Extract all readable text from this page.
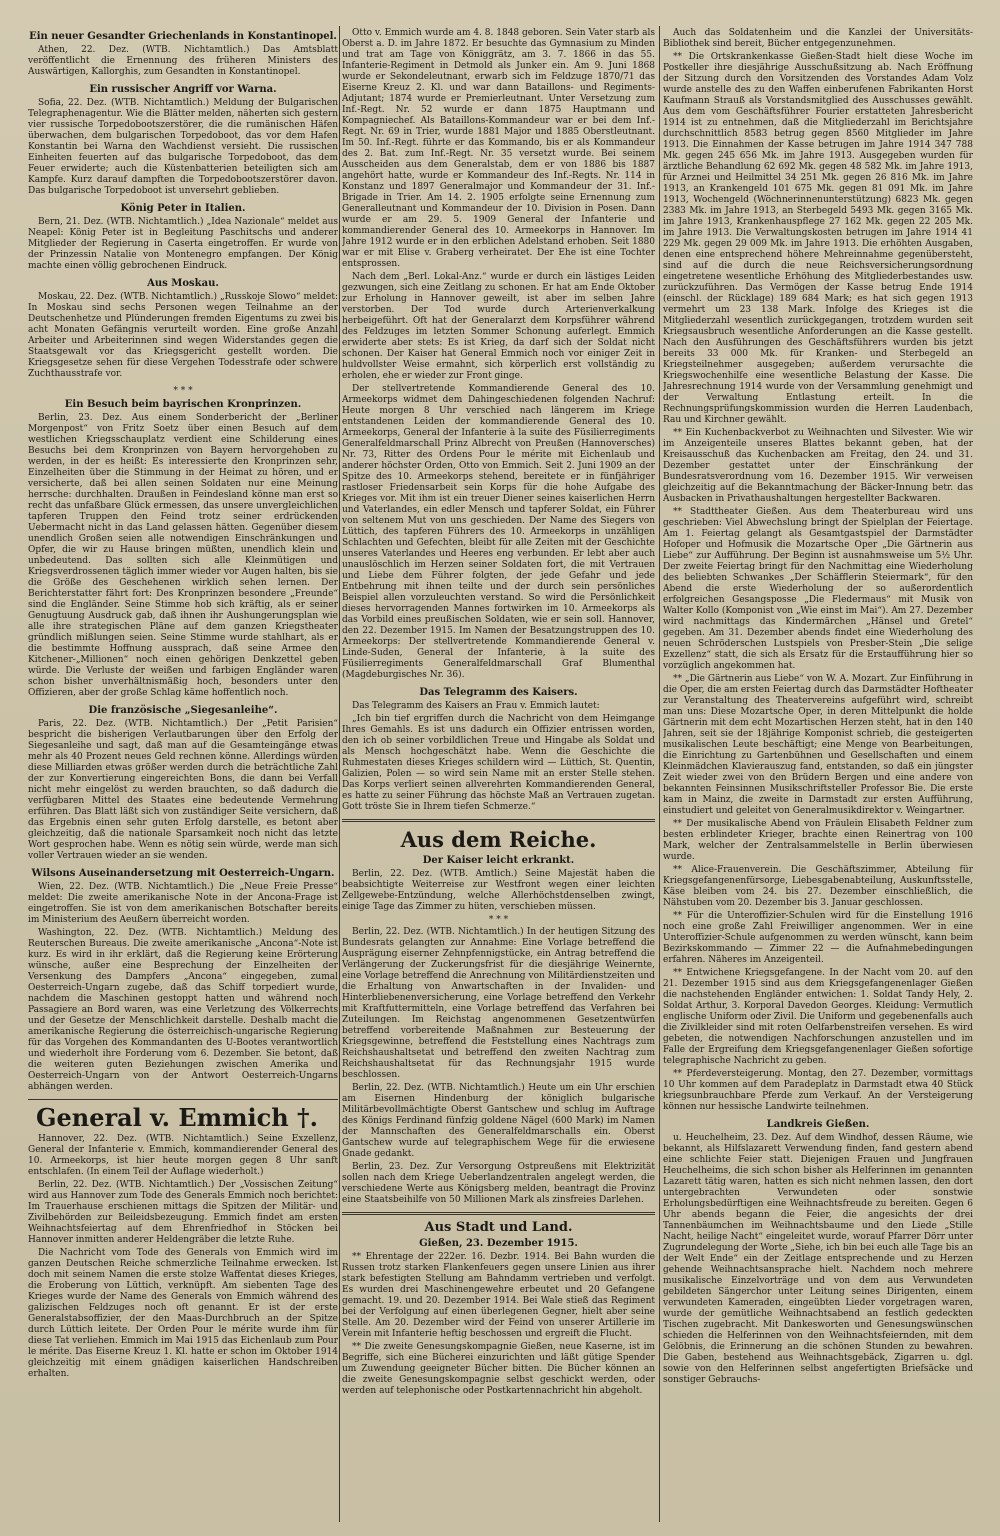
Ein neuer Gesandter Griechenlands in Konstantinopel.

Athen, 22. Dez. (WTB. Nichtamtlich.) Das Amtsblatt veröffentlicht die Ernennung des früheren Ministers des Auswärtigen, Kallorghis, zum Gesandten in Konstantinopel.

Ein russischer Angriff vor Warna.

Sofia, 22. Dez. (WTB. Nichtamtlich.) Meldung der Bulgarischen Telegraphenagentur. Wie die Blätter melden, näherten sich gestern vier russische Torpedobootszerstörer, die die rumänischen Häfen überwachen, dem bulgarischen Torpedoboot, das vor dem Hafen Konstantin bei Warna den Wachdienst versieht. Die russischen Einheiten feuerten auf das bulgarische Torpedoboot, das dem Feuer erwiderte; auch die Küstenbatterien beteiligten sich am Kampfe. Kurz darauf dampften die Torpedobootszerstörer davon. Das bulgarische Torpedoboot ist unversehrt geblieben.

König Peter in Italien.

Bern, 21. Dez. (WTB. Nichtamtlich.) „Idea Nazionale“ meldet aus Neapel: König Peter ist in Begleitung Paschitschs und anderer Mitglieder der Regierung in Caserta eingetroffen. Er wurde von der Prinzessin Natalie von Montenegro empfangen. Der König machte einen völlig gebrochenen Eindruck.

Aus Moskau.

Moskau, 22. Dez. (WTB. Nichtamtlich.) „Russkoje Slowo“ meldet: In Moskau sind sechs Personen wegen Teilnahme an der Deutschenhetze und Plünderungen fremden Eigentums zu zwei bis acht Monaten Gefängnis verurteilt worden. Eine große Anzahl Arbeiter und Arbeiterinnen sind wegen Widerstandes gegen die Staatsgewalt vor das Kriegsgericht gestellt worden. Die Kriegsgesetze sehen für diese Vergehen Todesstrafe oder schwere Zuchthausstrafe vor.

* * *
Ein Besuch beim bayrischen Kronprinzen.

Berlin, 23. Dez. Aus einem Sonderbericht der „Berliner Morgenpost“ von Fritz Soetz über einen Besuch auf dem westlichen Kriegsschauplatz verdient eine Schilderung eines Besuchs bei dem Kronprinzen von Bayern hervorgehoben zu werden, in der es heißt: Es interessierte den Kronprinzen sehr, Einzelheiten über die Stimmung in der Heimat zu hören, und er versicherte, daß bei allen seinen Soldaten nur eine Meinung herrsche: durchhalten. Draußen in Feindesland könne man erst so recht das unfaßbare Glück ermessen, das unsere unvergleichlichen tapferen Truppen den Feind trotz seiner erdrückenden Uebermacht nicht in das Land gelassen hätten. Gegenüber diesem unendlich Großen seien alle notwendigen Einschränkungen und Opfer, die wir zu Hause bringen müßten, unendlich klein und unbedeutend. Das sollten sich alle Kleinmütigen und Kriegsverdrossenen täglich immer wieder vor Augen halten, bis sie die Größe des Geschehenen wirklich sehen lernen. Der Berichterstatter fährt fort: Des Kronprinzen besondere „Freunde“ sind die Engländer. Seine Stimme hob sich kräftig, als er seiner Genugtuung Ausdruck gab, daß ihnen ihr Aushungerungsplan wie alle ihre strategischen Pläne auf dem ganzen Kriegstheater gründlich mißlungen seien. Seine Stimme wurde stahlhart, als er die bestimmte Hoffnung aussprach, daß seine Armee den Kitchener-„Millionen“ noch einen gehörigen Denkzettel geben würde. Die Verluste der weißen und farbigen Engländer waren schon bisher unverhältnismäßig hoch, besonders unter den Offizieren, aber der große Schlag käme hoffentlich noch.

Die französische „Siegesanleihe“.

Paris, 22. Dez. (WTB. Nichtamtlich.) Der „Petit Parisien“ bespricht die bisherigen Verlautbarungen über den Erfolg der Siegesanleihe und sagt, daß man auf die Gesamteingänge etwas mehr als 40 Prozent neues Geld rechnen könne. Allerdings würden diese Milliarden etwas größer werden durch die beträchtliche Zahl der zur Konvertierung eingereichten Bons, die dann bei Verfall nicht mehr eingelöst zu werden brauchten, so daß dadurch die verfügbaren Mittel des Staates eine bedeutende Vermehrung erführen. Das Blatt läßt sich von zuständiger Seite versichern, daß das Ergebnis einen sehr guten Erfolg darstelle, es betont aber gleichzeitig, daß die nationale Sparsamkeit noch nicht das letzte Wort gesprochen habe. Wenn es nötig sein würde, werde man sich voller Vertrauen wieder an sie wenden.

Wilsons Auseinandersetzung mit Oesterreich-Ungarn.

Wien, 22. Dez. (WTB. Nichtamtlich.) Die „Neue Freie Presse“ meldet: Die zweite amerikanische Note in der Ancona-Frage ist eingetroffen. Sie ist von dem amerikanischen Botschafter bereits im Ministerium des Aeußern überreicht worden.

Washington, 22. Dez. (WTB. Nichtamtlich.) Meldung des Reuterschen Bureaus. Die zweite amerikanische „Ancona“-Note ist kurz. Es wird in ihr erklärt, daß die Regierung keine Erörterung wünsche, außer eine Besprechung der Einzelheiten der Versenkung des Dampfers „Ancona“ eingegeben, zumal Oesterreich-Ungarn zugebe, daß das Schiff torpediert wurde, nachdem die Maschinen gestoppt hatten und während noch Passagiere an Bord waren, was eine Verletzung des Völkerrechts und der Gesetze der Menschlichkeit darstelle. Deshalb macht die amerikanische Regierung die österreichisch-ungarische Regierung für das Vorgehen des Kommandanten des U-Bootes verantwortlich und wiederholt ihre Forderung vom 6. Dezember. Sie betont, daß die weiteren guten Beziehungen zwischen Amerika und Oesterreich-Ungarn von der Antwort Oesterreich-Ungarns abhängen werden.

General v. Emmich †.

Hannover, 22. Dez. (WTB. Nichtamtlich.) Seine Exzellenz, General der Infanterie v. Emmich, kommandierender General des 10. Armeekorps, ist hier heute morgen gegen 8 Uhr sanft entschlafen. (In einem Teil der Auflage wiederholt.)

Berlin, 22. Dez. (WTB. Nichtamtlich.) Der „Vossischen Zeitung“ wird aus Hannover zum Tode des Generals Emmich noch berichtet: Im Trauerhause erschienen mittags die Spitzen der Militär- und Zivilbehörden zur Beileidsbezeugung. Emmich findet am ersten Weihnachtsfeiertag auf dem Ehrenfriedhof in Stöcken bei Hannover inmitten anderer Heldengräber die letzte Ruhe.

Die Nachricht vom Tode des Generals von Emmich wird im ganzen Deutschen Reiche schmerzliche Teilnahme erwecken. Ist doch mit seinem Namen die erste stolze Waffentat dieses Krieges, die Eroberung von Lüttich, verknüpft. Am siebenten Tage des Krieges wurde der Name des Generals von Emmich während des galizischen Feldzuges noch oft genannt. Er ist der erste Generalstabsoffizier, der den Maas-Durchbruch an der Spitze durch Lüttich leitete. Der Orden Pour le mérite wurde ihm für diese Tat verliehen. Emmich im Mai 1915 das Eichenlaub zum Pour le mérite. Das Eiserne Kreuz 1. Kl. hatte er schon im Oktober 1914 gleichzeitig mit einem gnädigen kaiserlichen Handschreiben erhalten.

Otto v. Emmich wurde am 4. 8. 1848 geboren. Sein Vater starb als Oberst a. D. im Jahre 1872. Er besuchte das Gymnasium zu Minden und trat am Tage von Königgrätz, am 3. 7. 1866 in das 55. Infanterie-Regiment in Detmold als Junker ein. Am 9. Juni 1868 wurde er Sekondeleutnant, erwarb sich im Feldzuge 1870/71 das Eiserne Kreuz 2. Kl. und war dann Bataillons- und Regiments-Adjutant; 1874 wurde er Premierleutnant. Unter Versetzung zum Inf.-Regt. Nr. 52 wurde er dann 1875 Hauptmann und Kompagniechef. Als Bataillons-Kommandeur war er bei dem Inf.-Regt. Nr. 69 in Trier, wurde 1881 Major und 1885 Oberstleutnant. Im 50. Inf.-Regt. führte er das Kommando, bis er als Kommandeur des 2. Bat. zum Inf.-Regt. Nr. 35 versetzt wurde. Bei seinem Ausscheiden aus dem Generalstab, dem er von 1886 bis 1887 angehört hatte, wurde er Kommandeur des Inf.-Regts. Nr. 114 in Konstanz und 1897 Generalmajor und Kommandeur der 31. Inf.-Brigade in Trier. Am 14. 2. 1905 erfolgte seine Ernennung zum Generalleutnant und Kommandeur der 10. Division in Posen. Dann wurde er am 29. 5. 1909 General der Infanterie und kommandierender General des 10. Armeekorps in Hannover. Im Jahre 1912 wurde er in den erblichen Adelstand erhoben. Seit 1880 war er mit Elise v. Graberg verheiratet. Der Ehe ist eine Tochter entsprossen.

Nach dem „Berl. Lokal-Anz.“ wurde er durch ein lästiges Leiden gezwungen, sich eine Zeitlang zu schonen. Er hat am Ende Oktober zur Erholung in Hannover geweilt, ist aber im selben Jahre verstorben. Der Tod wurde durch Arterienverkalkung herbeigeführt. Oft hat der Generalarzt dem Korpsführer während des Feldzuges im letzten Sommer Schonung auferlegt. Emmich erwiderte aber stets: Es ist Krieg, da darf sich der Soldat nicht schonen. Der Kaiser hat General Emmich noch vor einiger Zeit in huldvollster Weise ermahnt, sich körperlich erst vollständig zu erholen, ehe er wieder zur Front ginge.

Der stellvertretende Kommandierende General des 10. Armeekorps widmet dem Dahingeschiedenen folgenden Nachruf: Heute morgen 8 Uhr verschied nach längerem im Kriege entstandenen Leiden der kommandierende General des 10. Armeekorps, General der Infanterie à la suite des Füsilierregiments Generalfeldmarschall Prinz Albrecht von Preußen (Hannoversches) Nr. 73, Ritter des Ordens Pour le mérite mit Eichenlaub und anderer höchster Orden, Otto von Emmich. Seit 2. Juni 1909 an der Spitze des 10. Armeekorps stehend, bereitete er in fünfjähriger rastloser Friedensarbeit sein Korps für die hohe Aufgabe des Krieges vor. Mit ihm ist ein treuer Diener seines kaiserlichen Herrn und Vaterlandes, ein edler Mensch und tapferer Soldat, ein Führer von seltenem Mut von uns geschieden. Der Name des Siegers von Lüttich, des tapferen Führers des 10. Armeekorps in unzähligen Schlachten und Gefechten, bleibt für alle Zeiten mit der Geschichte unseres Vaterlandes und Heeres eng verbunden. Er lebt aber auch unauslöschlich im Herzen seiner Soldaten fort, die mit Vertrauen und Liebe dem Führer folgten, der jede Gefahr und jede Entbehrung mit ihnen teilte und der durch sein persönliches Beispiel allen vorzuleuchten verstand. So wird die Persönlichkeit dieses hervorragenden Mannes fortwirken im 10. Armeekorps als das Vorbild eines preußischen Soldaten, wie er sein soll. Hannover, den 22. Dezember 1915. Im Namen der Besatzungstruppen des 10. Armeekorps: Der stellvertretende Kommandierende General v. Linde-Suden, General der Infanterie, à la suite des Füsilierregiments Generalfeldmarschall Graf Blumenthal (Magdeburgisches Nr. 36).

Das Telegramm des Kaisers.

Das Telegramm des Kaisers an Frau v. Emmich lautet:

„Ich bin tief ergriffen durch die Nachricht von dem Heimgange Ihres Gemahls. Es ist uns dadurch ein Offizier entrissen worden, den ich ob seiner vorbildlichen Treue und Hingabe als Soldat und als Mensch hochgeschätzt habe. Wenn die Geschichte die Ruhmestaten dieses Krieges schildern wird — Lüttich, St. Quentin, Galizien, Polen — so wird sein Name mit an erster Stelle stehen. Das Korps verliert seinen allverehrten Kommandierenden General, es hatte zu seiner Führung das höchste Maß an Vertrauen zugetan. Gott tröste Sie in Ihrem tiefen Schmerze.“

Aus dem Reiche.
Der Kaiser leicht erkrankt.

Berlin, 22. Dez. (WTB. Amtlich.) Seine Majestät haben die beabsichtigte Weiterreise zur Westfront wegen einer leichten Zellgewebe-Entzündung, welche Allerhöchstdenselben zwingt, einige Tage das Zimmer zu hüten, verschieben müssen.

* * *

Berlin, 22. Dez. (WTB. Nichtamtlich.) In der heutigen Sitzung des Bundesrats gelangten zur Annahme: Eine Vorlage betreffend die Ausprägung eiserner Zehnpfennigstücke, ein Antrag betreffend die Verlängerung der Zuckerungsfrist für die diesjährige Weinernte, eine Vorlage betreffend die Anrechnung von Militärdienstzeiten und die Erhaltung von Anwartschaften in der Invaliden- und Hinterbliebenenversicherung, eine Vorlage betreffend den Verkehr mit Kraftfuttermitteln, eine Vorlage betreffend das Verfahren bei Zuteilungen. Im Reichstag angenommenen Gesetzentwürfen betreffend vorbereitende Maßnahmen zur Besteuerung der Kriegsgewinne, betreffend die Feststellung eines Nachtrags zum Reichshaushaltsetat und betreffend den zweiten Nachtrag zum Reichshaushaltsetat für das Rechnungsjahr 1915 wurde beschlossen.

Berlin, 22. Dez. (WTB. Nichtamtlich.) Heute um ein Uhr erschien am Eisernen Hindenburg der königlich bulgarische Militärbevollmächtigte Oberst Gantschew und schlug im Auftrage des Königs Ferdinand fünfzig goldene Nägel (600 Mark) im Namen der Mannschaften des Generalfeldmarschalls ein. Oberst Gantschew wurde auf telegraphischem Wege für die erwiesene Gnade gedankt.

Berlin, 23. Dez. Zur Versorgung Ostpreußens mit Elektrizität sollen nach dem Kriege Ueberlandzentralen angelegt werden, die verschiedene Werte aus Königsberg melden, beantragt die Provinz eine Staatsbeihilfe von 50 Millionen Mark als zinsfreies Darlehen.

Aus Stadt und Land.
Gießen, 23. Dezember 1915.

** Ehrentage der 222er. 16. Dezbr. 1914. Bei Bahn wurden die Russen trotz starken Flankenfeuers gegen unsere Linien aus ihrer stark befestigten Stellung am Bahndamm vertrieben und verfolgt. Es wurden drei Maschinengewehre erbeutet und 20 Gefangene gemacht. 19. und 20. Dezember 1914. Bei Wale stieß das Regiment bei der Verfolgung auf einen überlegenen Gegner, hielt aber seine Stelle. Am 20. Dezember wird der Feind von unserer Artillerie im Verein mit Infanterie heftig beschossen und ergreift die Flucht.

** Die zweite Genesungskompagnie Gießen, neue Kaserne, ist im Begriffe, sich eine Bücherei einzurichten und läßt gütige Spender um Zuwendung geeigneter Bücher bitten. Die Bücher können an die zweite Genesungskompagnie selbst geschickt werden, oder werden auf telephonische oder Postkartennachricht hin abgeholt.

Auch das Soldatenheim und die Kanzlei der Universitäts-Bibliothek sind bereit, Bücher entgegenzunehmen.

** Die Ortskrankenkasse Gießen-Stadt hielt diese Woche im Postkeller ihre diesjährige Ausschußsitzung ab. Nach Eröffnung der Sitzung durch den Vorsitzenden des Vorstandes Adam Volz wurde anstelle des zu den Waffen einberufenen Fabrikanten Horst Kaufmann Strauß als Vorstandsmitglied des Ausschusses gewählt. Aus dem vom Geschäftsführer Fourier erstatteten Jahresbericht 1914 ist zu entnehmen, daß die Mitgliederzahl im Berichtsjahre durchschnittlich 8583 betrug gegen 8560 Mitglieder im Jahre 1913. Die Einnahmen der Kasse betrugen im Jahre 1914 347 788 Mk. gegen 245 656 Mk. im Jahre 1913. Ausgegeben wurden für ärztliche Behandlung 62 692 Mk. gegen 48 582 Mk. im Jahre 1913, für Arznei und Heilmittel 34 251 Mk. gegen 26 816 Mk. im Jahre 1913, an Krankengeld 101 675 Mk. gegen 81 091 Mk. im Jahre 1913, Wochengeld (Wöchnerinnenunterstützung) 6823 Mk. gegen 2383 Mk. im Jahre 1913, an Sterbegeld 5493 Mk. gegen 3165 Mk. im Jahre 1913, Krankenhauspflege 27 162 Mk. gegen 22 205 Mk. im Jahre 1913. Die Verwaltungskosten betrugen im Jahre 1914 41 229 Mk. gegen 29 009 Mk. im Jahre 1913. Die erhöhten Ausgaben, denen eine entsprechend höhere Mehreinnahme gegenübersteht, sind auf die durch die neue Reichsversicherungsordnung eingetretene wesentliche Erhöhung des Mitgliederbestandes usw. zurückzuführen. Das Vermögen der Kasse betrug Ende 1914 (einschl. der Rücklage) 189 684 Mark; es hat sich gegen 1913 vermehrt um 23 138 Mark. Infolge des Krieges ist die Mitgliederzahl wesentlich zurückgegangen, trotzdem wurden seit Kriegsausbruch wesentliche Anforderungen an die Kasse gestellt. Nach den Ausführungen des Geschäftsführers wurden bis jetzt bereits 33 000 Mk. für Kranken- und Sterbegeld an Kriegsteilnehmer ausgegeben; außerdem verursachte die Kriegswochenhilfe eine wesentliche Belastung der Kasse. Die Jahresrechnung 1914 wurde von der Versammlung genehmigt und der Verwaltung Entlastung erteilt. In die Rechnungsprüfungskommission wurden die Herren Laudenbach, Rau und Kirchner gewählt.

** Ein Kuchenbackverbot zu Weihnachten und Silvester. Wie wir im Anzeigenteile unseres Blattes bekannt geben, hat der Kreisausschuß das Kuchenbacken am Freitag, den 24. und 31. Dezember gestattet unter der Einschränkung der Bundesratsverordnung vom 16. Dezember 1915. Wir verweisen gleichzeitig auf die Bekanntmachung der Bäcker-Innung betr. das Ausbacken in Privathaushaltungen hergestellter Backwaren.

** Stadttheater Gießen. Aus dem Theaterbureau wird uns geschrieben: Viel Abwechslung bringt der Spielplan der Feiertage. Am 1. Feiertag gelangt als Gesamtgastspiel der Darmstädter Hofoper und Hofmusik die Mozartsche Oper „Die Gärtnerin aus Liebe“ zur Aufführung. Der Beginn ist ausnahmsweise um 5½ Uhr. Der zweite Feiertag bringt für den Nachmittag eine Wiederholung des beliebten Schwankes „Der Schäfflerin Steiermark“, für den Abend die erste Wiederholung der so außerordentlich erfolgreichen Gesangsposse „Die Fledermaus“ mit Musik von Walter Kollo (Komponist von „Wie einst im Mai“). Am 27. Dezember wird nachmittags das Kindermärchen „Hänsel und Gretel“ gegeben. Am 31. Dezember abends findet eine Wiederholung des neuen Schröderschen Lustspiels von Presber-Stein „Die selige Exzellenz“ statt, die sich als Ersatz für die Erstaufführung hier so vorzüglich angekommen hat.

** „Die Gärtnerin aus Liebe“ von W. A. Mozart. Zur Einführung in die Oper, die am ersten Feiertag durch das Darmstädter Hoftheater zur Veranstaltung des Theatervereins aufgeführt wird, schreibt man uns: Diese Mozartsche Oper, in deren Mittelpunkt die holde Gärtnerin mit dem echt Mozartischen Herzen steht, hat in den 140 Jahren, seit sie der 18jährige Komponist schrieb, die gesteigerten musikalischen Leute beschäftigt; eine Menge von Bearbeitungen, die Einrichtung zu Gartenbühnen und Gesellschaften und einem Kleinmädchen Klavierauszug fand, entstanden, so daß ein jüngster Zeit wieder zwei von den Brüdern Bergen und eine andere von bekannten Feinsinnen Musikschriftsteller Professor Bie. Die erste kam in Mainz, die zweite in Darmstadt zur ersten Aufführung, einstudiert und geleitet von Generalmusikdirektor v. Weingartner.

** Der musikalische Abend von Fräulein Elisabeth Feldner zum besten erblindeter Krieger, brachte einen Reinertrag von 100 Mark, welcher der Zentralsammelstelle in Berlin überwiesen wurde.

** Alice-Frauenverein. Die Geschäftszimmer, Abteilung für Kriegsgefangenenfürsorge, Liebesgabenabteilung, Auskunftsstelle, Käse bleiben vom 24. bis 27. Dezember einschließlich, die Nähstuben vom 20. Dezember bis 3. Januar geschlossen.

** Für die Unteroffizier-Schulen wird für die Einstellung 1916 noch eine große Zahl Freiwilliger angenommen. Wer in eine Unteroffizier-Schule aufgenommen zu werden wünscht, kann beim Bezirkskommando — Zimmer 22 — die Aufnahmebedingungen erfahren. Näheres im Anzeigenteil.

** Entwichene Kriegsgefangene. In der Nacht vom 20. auf den 21. Dezember 1915 sind aus dem Kriegsgefangenenlager Gießen die nachstehenden Engländer entwichen: 1. Soldat Tandy Hely, 2. Soldat Arthur, 3. Korporal Davedon Georges. Kleidung: Vermutlich englische Uniform oder Zivil. Die Uniform und gegebenenfalls auch die Zivilkleider sind mit roten Oelfarbenstreifen versehen. Es wird gebeten, die notwendigen Nachforschungen anzustellen und im Falle der Ergreifung dem Kriegsgefangenenlager Gießen sofortige telegraphische Nachricht zu geben.

** Pferdeversteigerung. Montag, den 27. Dezember, vormittags 10 Uhr kommen auf dem Paradeplatz in Darmstadt etwa 40 Stück kriegsunbrauchbare Pferde zum Verkauf. An der Versteigerung können nur hessische Landwirte teilnehmen.

Landkreis Gießen.

u. Heuchelheim, 23. Dez. Auf dem Windhof, dessen Räume, wie bekannt, als Hilfslazarett Verwendung finden, fand gestern abend eine schlichte Feier statt. Diejenigen Frauen und Jungfrauen Heuchelheims, die sich schon bisher als Helferinnen im genannten Lazarett tätig waren, hatten es sich nicht nehmen lassen, den dort untergebrachten Verwundeten oder sonstwie Erholungsbedürftigen eine Weihnachtsfreude zu bereiten. Gegen 6 Uhr abends begann die Feier, die angesichts der drei Tannenbäumchen im Weihnachtsbaume und den Liede „Stille Nacht, heilige Nacht“ eingeleitet wurde, worauf Pfarrer Dörr unter Zugrundelegung der Worte „Siehe, ich bin bei euch alle Tage bis an der Welt Ende“ ein der Zeitlage entsprechende und zu Herzen gehende Weihnachtsansprache hielt. Nachdem noch mehrere musikalische Einzelvorträge und von dem aus Verwundeten gebildeten Sängerchor unter Leitung seines Dirigenten, einem verwundeten Kameraden, eingeübten Lieder vorgetragen waren, wurde der gemütliche Weihnachtsabend an festlich gedeckten Tischen zugebracht. Mit Dankesworten und Genesungswünschen schieden die Helferinnen von den Weihnachtsfeiernden, mit dem Gelöbnis, die Erinnerung an die schönen Stunden zu bewahren. Die Gaben, bestehend aus Weihnachtsgebäck, Zigarren u. dgl. sowie von den Helferinnen selbst angefertigten Briefsäcke und sonstiger Gebrauchs-
